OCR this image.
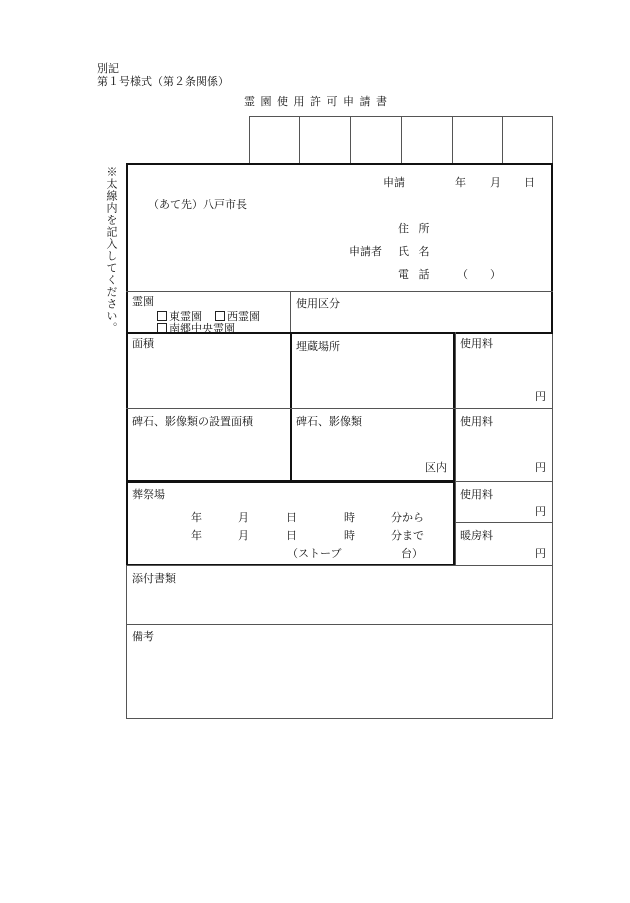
別記
第１号様式（第２条関係）
霊 園 使 用 許 可 申 請 書
※太線内を記入してください。	申請	年 月 日
（あて先）八戸市長
住 所
申請者 氏 名
電 話 （　　）
霊園
東霊園	西霊園
南郷中央霊園
使用区分
面積	埋蔵場所	使用料
円
碑石、影像類の設置面積	碑石、影像類
区内
使用料
円
葬祭場
年	月	日	時	分から
年	月	日	時	分まで
（ストーブ	台）
使用料
円
暖房料
円
添付書類
備考
